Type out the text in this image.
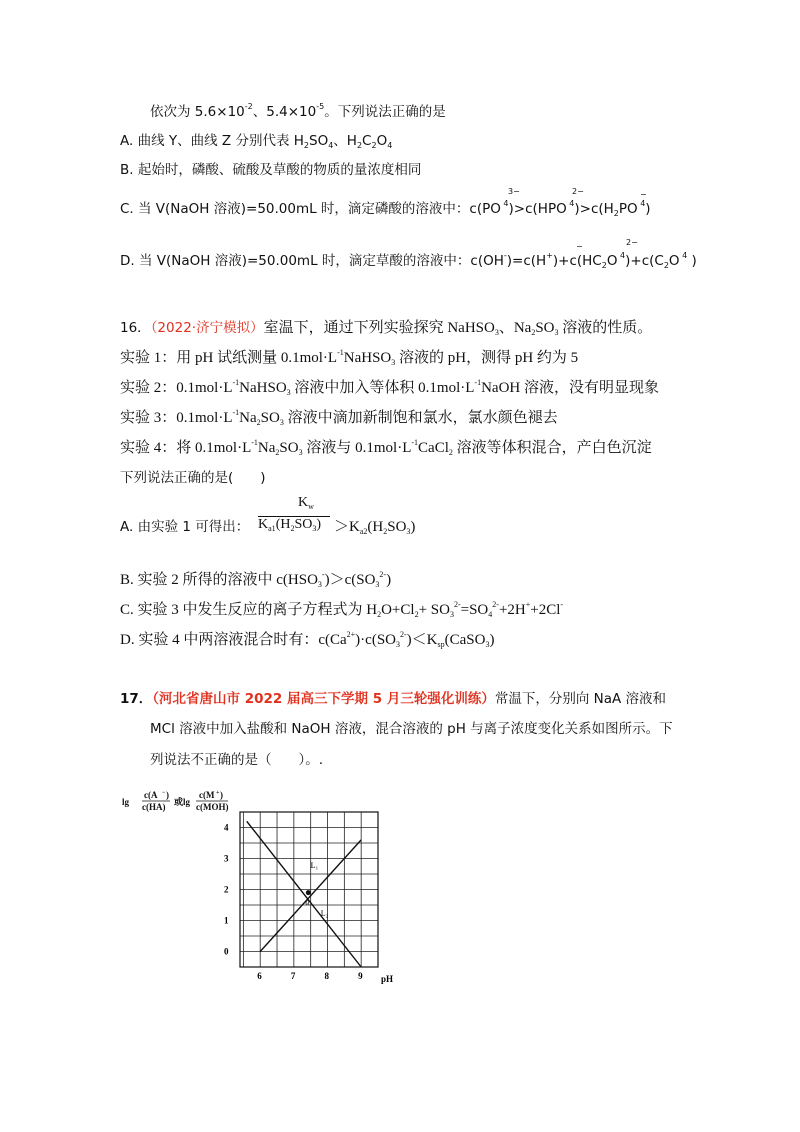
依次为 $5.6\times 10^{-2}$、$5.4\times 10^{-5}$。下列说法正确的是
A. 曲线 Y、曲线 Z 分别代表 $H_2SO_4$、$H_2C_2O_4$
B. 起始时，磷酸、硫酸及草酸的物质的量浓度相同
C. 当 V(NaOH 溶液)=50.00mL 时，滴定磷酸的溶液中：c(PO $^4$)>c(HPO $^4)>c(H_2PO$ $^4$)
3−	2−	−
D. 当 V(NaOH 溶液)=50.00mL 时，滴定草酸的溶液中：$c(OH^-)=c(H^+)+c(HC_2O$ $^4)+c(C_2O$ $^4$ )
−	2−
16．（2022·济宁模拟）室温下，通过下列实验探究 NaHSO$_3$、$Na_2SO_3$ 溶液的性质。
实验 1：用 pH 试纸测量 $0.1mol\cdot L^{-1}NaHSO_3$ 溶液的 pH，测得 pH 约为 5
实验 2：$0.1mol\cdot L^{-1}NaHSO_3$ 溶液中加入等体积 $0.1mol\cdot L^{-1}NaOH$ 溶液，没有明显现象
实验 3：$0.1mol\cdot L^{-1}Na_2SO_3$ 溶液中滴加新制饱和氯水，氯水颜色褪去
实验 4：将 $0.1mol\cdot L^{-1}Na_2SO_3$ 溶液与 $0.1mol\cdot L^{-1}CaCl_2$ 溶液等体积混合，产白色沉淀
下列说法正确的是(　　)
A. 由实验 1 可得出：
$K_w$
$K_{a1}(H_2SO_3) >K_{a2}(H_2SO_3)$
B. 实验 2 所得的溶液中 $c(HSO_3^-)>c(SO_3^{2-})$
C. 实验 3 中发生反应的离子方程式为 $H_2O+Cl_2+ SO_3^{2-}=SO_4^{2-}+2H^++2Cl^-$
D. 实验 4 中两溶液混合时有：$c(Ca^{2+})\cdot c(SO_3^{2-})<K_{sp}(CaSO_3)$
17．（河北省唐山市 2022 届高三下学期 5 月三轮强化训练）常温下，分别向 NaA 溶液和
MCl 溶液中加入盐酸和 NaOH 溶液，混合溶液的 pH 与离子浓度变化关系如图所示。下
列说法不正确的是（　　）。.
lg
c(A − )
c(HA) 或lg
c(M + )
c(MOH)
6	7	8	9
0
1
2
3
4
L₁
L₂
a
pH
